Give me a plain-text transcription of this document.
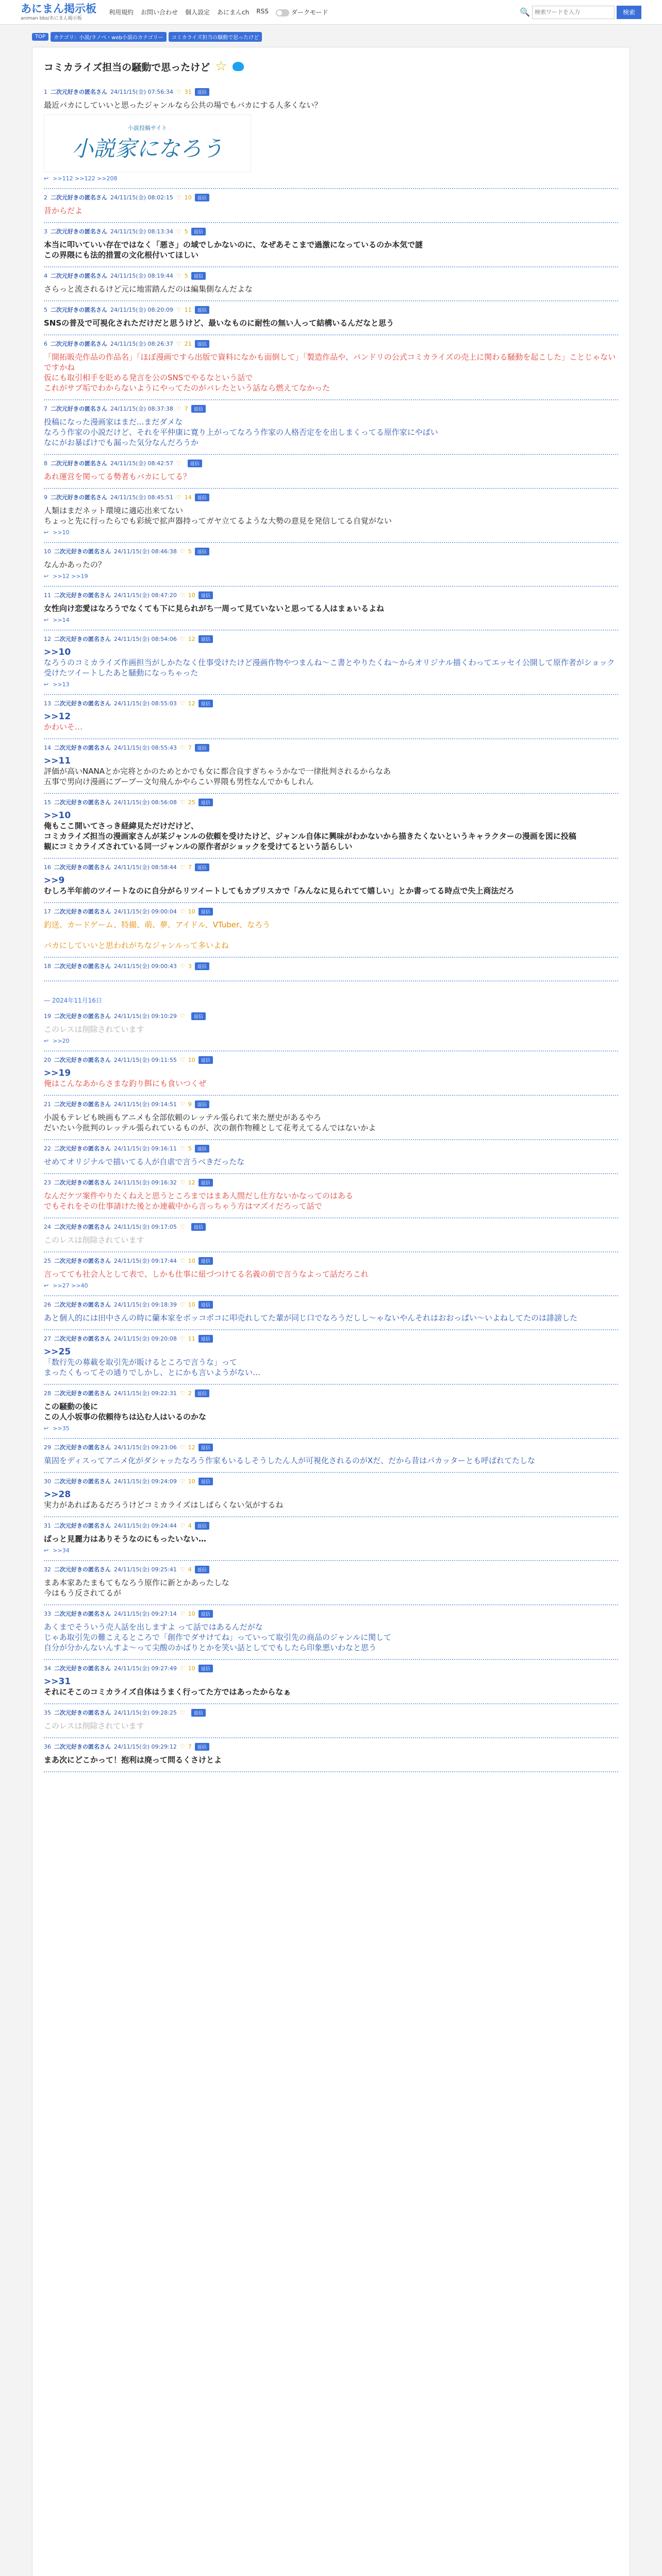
あにまん掲示板
animan bbs/あにまん掲示板
利用規約 お問い合わせ 個人設定 あにまんch RSS	ダークモード	🔍
検索ワードを入力	検索
TOP	カテゴリ：小説/ラノベ・web小説のカテゴリー	コミカライズ担当の騒動で思ったけど
コミカライズ担当の騒動で思ったけど ☆
1 二次元好きの匿名さん 24/11/15(金) 07:56:34 ♡ 31	返信
最近バカにしていいと思ったジャンルなら公共の場でもバカにする人多くない？
小説投稿サイト
小説家になろう
↩ >>112 >>122 >>208
2 二次元好きの匿名さん 24/11/15(金) 08:02:15 ♡ 10	返信
昔からだよ
3 二次元好きの匿名さん 24/11/15(金) 08:13:34 ♡ 5	返信
本当に叩いていい存在ではなく「悪さ」の域でしかないのに、なぜあそこまで過激になっているのか本気で謎
この界隈にも法的措置の文化根付いてほしい
4 二次元好きの匿名さん 24/11/15(金) 08:19:44 ♡ 5	返信
さらっと流されるけど元に地雷踏んだのは編集側なんだよな
5 二次元好きの匿名さん 24/11/15(金) 08:20:09 ♡ 11	返信
SNSの普及で可視化されただけだと思うけど、最いなものに耐性の無い人って結構いるんだなと思う
6 二次元好きの匿名さん 24/11/15(金) 08:26:37 ♡ 21	返信
「開拓販売作品の作品名」「ほぼ漫画ですら出版で資料になかも面倒して」「製造作品や、バンドリの公式コミカライズの売上に関わる騒動を起こした」ことじゃないですかね
仮にも取引相手を貶める発言を公のSNSでやるなという話で
これがサブ垢でわからないようにやってたのがバレたという話なら燃えてなかった
7 二次元好きの匿名さん 24/11/15(金) 08:37:38 ♡ 7	返信
投稿になった漫画家はまだ...まだダメな
なろう作家の小説だけど、それを平仲康に寛り上がってなろう作家の人格否定をを出しまくってる原作家にやばい
なにがお暴ばけでも漏った気分なんだろうか
8 二次元好きの匿名さん 24/11/15(金) 08:42:57 ♡	返信
あれ運営を関ってる勢者もバカにしてる？
9 二次元好きの匿名さん 24/11/15(金) 08:45:51 ♡ 14	返信
人類はまだネット環境に適応出来てない
ちょっと先に行ったらでも彩統で拡声器持ってガヤ立てるような大勢の意見を発信してる自覚がない
↩ >>10
10 二次元好きの匿名さん 24/11/15(金) 08:46:38 ♡ 5	返信
なんかあったの？
↩ >>12 >>19
11 二次元好きの匿名さん 24/11/15(金) 08:47:20 ♡ 10	返信
女性向け恋愛はなろうでなくても下に見られがち一周って見ていないと思ってる人はまぁいるよね
↩ >>14
12 二次元好きの匿名さん 24/11/15(金) 08:54:06 ♡ 12	返信
>>10
なろうのコミカライズ作画担当がしかたなく仕事受けたけど漫画作物やつまんね～こ書とやりたくね～からオリジナル描くわってエッセイ公開して原作者がショック受けたツイートしたあと騒動になっちゃった
↩ >>13
13 二次元好きの匿名さん 24/11/15(金) 08:55:03 ♡ 12	返信
>>12
かわいそ…
14 二次元好きの匿名さん 24/11/15(金) 08:55:43 ♡ 7	返信
>>11
評価が高いNANAとか完将とかのためとかでも女に都合良すぎちゃうかなで一律批判されるからなあ
五事で男向け漫画にブーブー文句飛んかやらこい界隈も男性なんでかもしれん
15 二次元好きの匿名さん 24/11/15(金) 08:56:08 ♡ 25	返信
>>10
俺もここ開いてさっき経緯見ただけだけど、
コミカライズ担当の漫画家さんが某ジャンルの依頼を受けたけど、ジャンル自体に興味がわかないから描きたくないというキャラクターの漫画を図に投稿
観にコミカライズされている同一ジャンルの原作者がショックを受けてるという話らしい
16 二次元好きの匿名さん 24/11/15(金) 08:58:44 ♡ 7	返信
>>9
むしろ半年前のツイートなのに自分がらリツイートしてもカブリスカで「みんなに見られてて嬉しい」とか書ってる時点で失上商法だろ
17 二次元好きの匿名さん 24/11/15(金) 09:00:04 ♡ 10	返信
釣送、カードゲーム、特撮、萌、夢、アイドル、VTuber、なろう

バカにしていいと思われがちなジャンルって多いよね
18 二次元好きの匿名さん 24/11/15(金) 09:00:43 ♡ 3	返信
— 2024年11月16日
19 二次元好きの匿名さん 24/11/15(金) 09:10:29 ♡	返信
このレスは削除されています
↩ >>20
20 二次元好きの匿名さん 24/11/15(金) 09:11:55 ♡ 10	返信
>>19
俺はこんなあからさまな釣り餌にも食いつくぜ
21 二次元好きの匿名さん 24/11/15(金) 09:14:51 ♡ 9	返信
小説もテレビも映画もアニメも全部依頼のレッテル張られて来た歴史があるやろ
だいたい今批判のレッテル張られているものが、次の創作物種として花考えてるんではないかよ
22 二次元好きの匿名さん 24/11/15(金) 09:16:11 ♡ 5	返信
せめてオリジナルで描いてる人が自虐で言うべきだったな
23 二次元好きの匿名さん 24/11/15(金) 09:16:32 ♡ 12	返信
なんだケツ案件やりたくねえと思うところまではまあ人間だし仕方ないかなってのはある
でもそれをその仕事請けた後とか連載中から言っちゃう方はマズイだろって話で
24 二次元好きの匿名さん 24/11/15(金) 09:17:05 ♡	返信
このレスは削除されています
25 二次元好きの匿名さん 24/11/15(金) 09:17:44 ♡ 10	返信
言ってても社会人として表で、しかも仕事に紐づつけてる名義の前で言うなよって話だろこれ
↩ >>27 >>40
26 二次元好きの匿名さん 24/11/15(金) 09:18:39 ♡ 10	返信
あと個人的には田中さんの時に蘭本家をボッコボコに叩売れしてた輩が同じ口でなろうだしし～ゃないやんそれはおおっぱい～いよねしてたのは誹謗した
27 二次元好きの匿名さん 24/11/15(金) 09:20:08 ♡ 11	返信
>>25
「数行先の募載を取引先が販けるところで言うな」って
まったくもってその通りでしかし、とにかも言いようがない…
28 二次元好きの匿名さん 24/11/15(金) 09:22:31 ♡ 2	返信
この騒動の後に
この人小坂事の依頼待ちは込む人はいるのかな
↩ >>35
29 二次元好きの匿名さん 24/11/15(金) 09:23:06 ♡ 12	返信
菓固をディスってアニメ化がダシャッたなろう作家もいるしそうしたん人が可視化されるのがXだ、だから昔はパカッターとも呼ばれてたしな
30 二次元好きの匿名さん 24/11/15(金) 09:24:09 ♡ 10	返信
>>28
実力があればあるだろうけどコミカライズはしばらくない気がするね
31 二次元好きの匿名さん 24/11/15(金) 09:24:44 ♡ 4	返信
ばっと見麗力はありそうなのにもったいない…
↩ >>34
32 二次元好きの匿名さん 24/11/15(金) 09:25:41 ♡ 4	返信
まあ本家あたまもてもなろう原作に新とかあったしな
今はもう反されてるが
33 二次元好きの匿名さん 24/11/15(金) 09:27:14 ♡ 10	返信
あくまでそういう売人話を出しますよ って話ではあるんだがな
じゃあ取引先の難こえるところで「創作でダサけてね」っていって取引先の商品のジャンルに関して
自分が分かんないんすよ～って尖酸のかばりとかを笑い話としてでもしたら印象悪いわなと思う
34 二次元好きの匿名さん 24/11/15(金) 09:27:49 ♡ 10	返信
>>31
それにそこのコミカライズ自体はうまく行ってた方ではあったからなぁ
35 二次元好きの匿名さん 24/11/15(金) 09:28:25 ♡	返信
このレスは削除されています
36 二次元好きの匿名さん 24/11/15(金) 09:29:12 ♡ 7	返信
まあ次にどこかって！抱利は廃って問るくさけとよ
